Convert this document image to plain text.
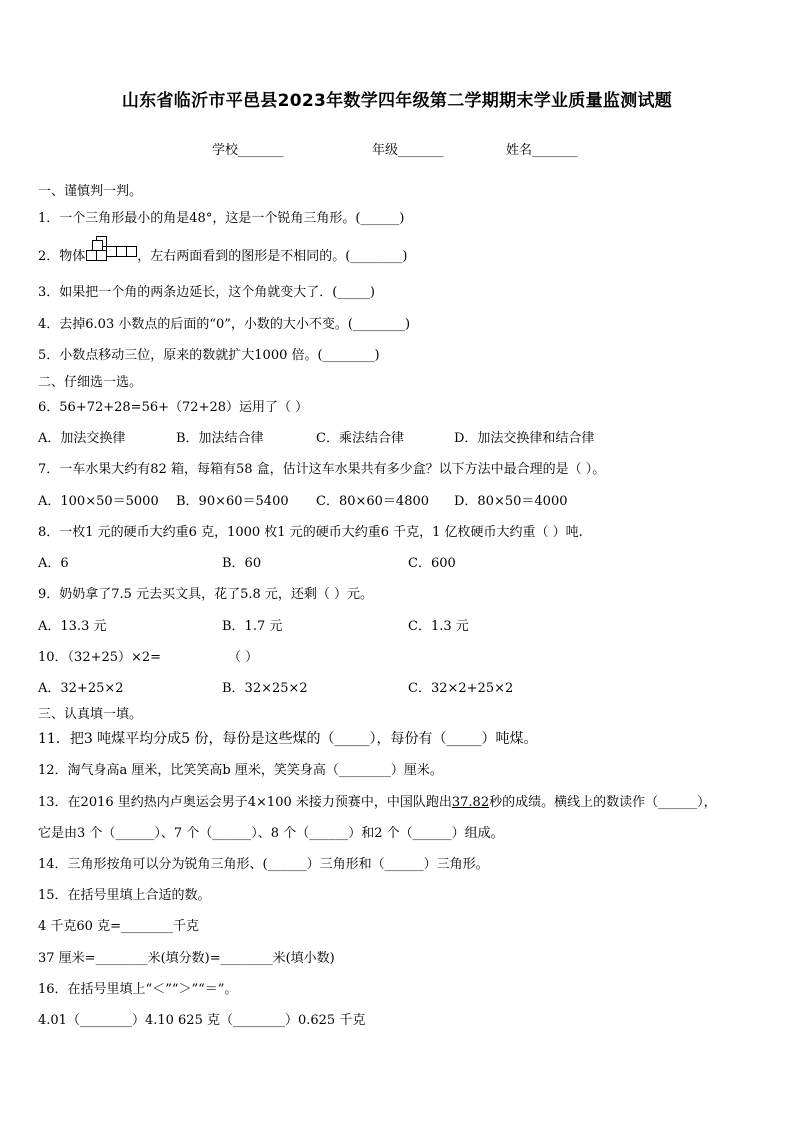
山东省临沂市平邑县2023年数学四年级第二学期期末学业质量监测试题
学校_______	年级_______	姓名_______
一、谨慎判一判。
1．一个三角形最小的角是48°，这是一个锐角三角形。(______)
2．物体	，左右两面看到的图形是不相同的。(________)
3．如果把一个角的两条边延长，这个角就变大了．(_____)
4．去掉6.03 小数点的后面的“0”，小数的大小不变。(________)
5．小数点移动三位，原来的数就扩大1000 倍。(________)
二、仔细选一选。
6．56+72+28=56+（72+28）运用了（ ）
A．加法交换律	B．加法结合律	C．乘法结合律	D．加法交换律和结合律
7．一车水果大约有82 箱，每箱有58 盒，估计这车水果共有多少盒？以下方法中最合理的是（ ）。
A．100×50＝5000 B．90×60＝5400 C．80×60＝4800 D．80×50＝4000
8．一枚1 元的硬币大约重6 克，1000 枚1 元的硬币大约重6 千克，1 亿枚硬币大约重（ ）吨.
A．6	B．60	C．600
9．奶奶拿了7.5 元去买文具，花了5.8 元，还剩（ ）元。
A．13.3 元	B．1.7 元	C．1.3 元
10．（32+25）×2=	（ ）
A．32+25×2	B．32×25×2	C．32×2+25×2
三、认真填一填。
11．把3 吨煤平均分成5 份，每份是这些煤的（_____），每份有（_____）吨煤。
12．淘气身高a 厘米，比笑笑高b 厘米，笑笑身高（________）厘米。
13．在2016 里约热内卢奥运会男子4×100 米接力预赛中，中国队跑出37.82秒的成绩。横线上的数读作（______），
它是由3 个（______）、7 个（______）、8 个（______）和2 个（______）组成。
14．三角形按角可以分为锐角三角形、(______）三角形和（______）三角形。
15．在括号里填上合适的数。
4 千克60 克=________千克
37 厘米=________米(填分数)=________米(填小数)
16．在括号里填上“＜”“＞”“＝”。
4.01（________）4.10 625 克（________）0.625 千克
